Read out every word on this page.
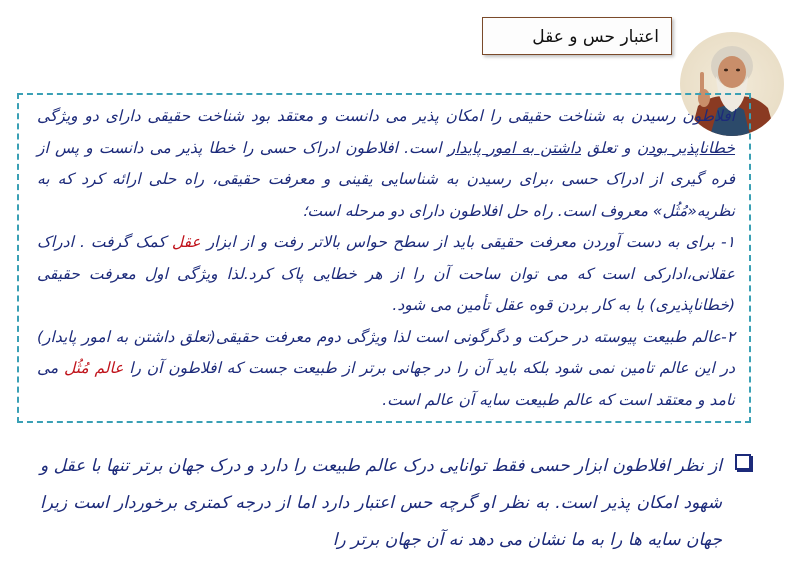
اعتبار حس و عقل

افلاطون رسیدن به شناخت حقیقی را امکان پذیر می دانست و معتقد بود شناخت حقیقی دارای دو ویژگی خطاناپذیر بودن و تعلق داشتن به امور پایدار است. افلاطون ادراک حسی را خطا پذیر می دانست و پس از فره گیری از ادراک حسی ،برای رسیدن به شناسایی یقینی و معرفت حقیقی، راه حلی ارائه کرد که به نظریه«مُثُل» معروف است. راه حل افلاطون دارای دو مرحله است؛

۱- برای به دست آوردن معرفت حقیقی باید از سطح حواس بالاتر رفت و از ابزار عقل کمک گرفت . ادراک عقلانی،ادارکی است که می توان ساحت آن را از هر خطایی پاک کرد.لذا ویژگی اول معرفت حقیقی (خطاناپذیری) با به کار بردن قوه عقل تأمین می شود.

۲-عالم طبیعت پیوسته در حرکت و دگرگونی است لذا ویژگی دوم معرفت حقیقی(تعلق داشتن به امور پایدار) در این عالم تامین نمی شود بلکه باید آن را در جهانی برتر از طبیعت جست که افلاطون آن را عالم مُثُل می نامد و معتقد است که عالم طبیعت سایه آن عالم است.

از نظر افلاطون ابزار حسی فقط توانایی درک عالم طبیعت را دارد و درک جهان برتر تنها با عقل و شهود امکان پذیر است. به نظر او گرچه حس اعتبار دارد اما از درجه کمتری برخوردار است زیرا جهان سایه ها را به ما نشان می دهد نه آن جهان برتر را
